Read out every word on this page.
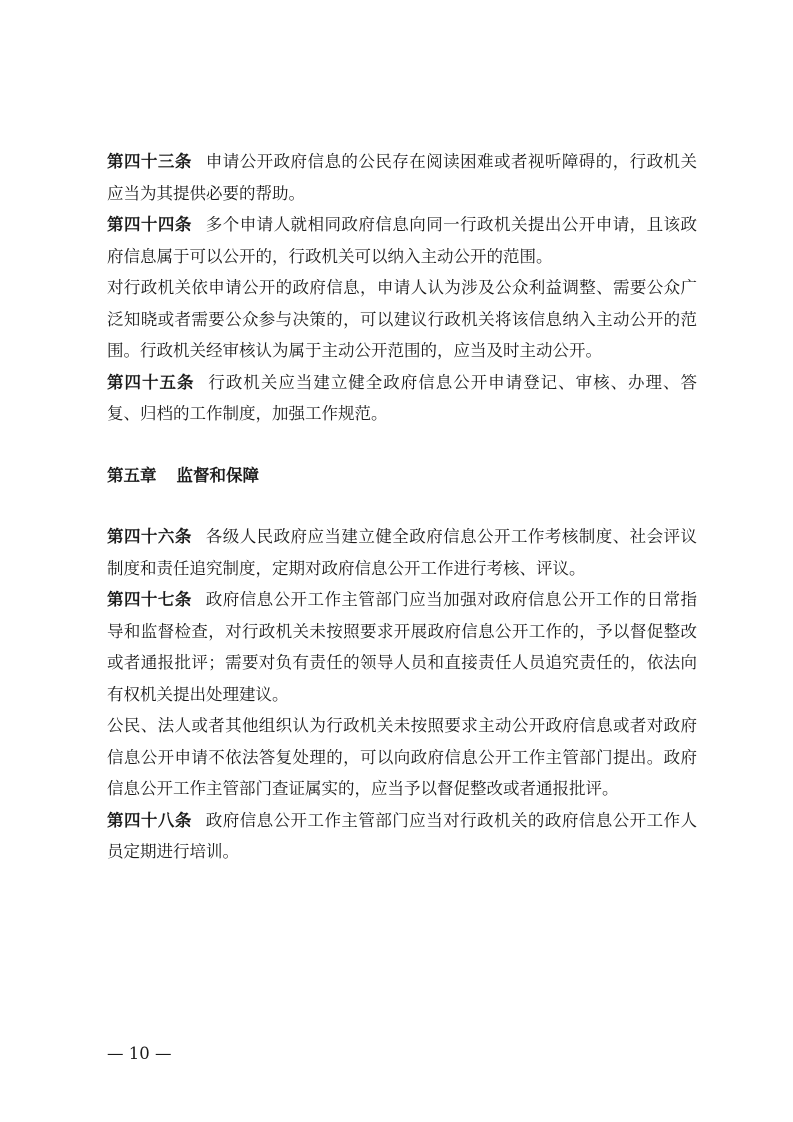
第四十三条 申请公开政府信息的公民存在阅读困难或者视听障碍的，行政机关应当为其提供必要的帮助。

第四十四条 多个申请人就相同政府信息向同一行政机关提出公开申请，且该政府信息属于可以公开的，行政机关可以纳入主动公开的范围。

对行政机关依申请公开的政府信息，申请人认为涉及公众利益调整、需要公众广泛知晓或者需要公众参与决策的，可以建议行政机关将该信息纳入主动公开的范围。行政机关经审核认为属于主动公开范围的，应当及时主动公开。

第四十五条 行政机关应当建立健全政府信息公开申请登记、审核、办理、答复、归档的工作制度，加强工作规范。

第五章 监督和保障

第四十六条 各级人民政府应当建立健全政府信息公开工作考核制度、社会评议制度和责任追究制度，定期对政府信息公开工作进行考核、评议。

第四十七条 政府信息公开工作主管部门应当加强对政府信息公开工作的日常指导和监督检查，对行政机关未按照要求开展政府信息公开工作的，予以督促整改或者通报批评；需要对负有责任的领导人员和直接责任人员追究责任的，依法向有权机关提出处理建议。

公民、法人或者其他组织认为行政机关未按照要求主动公开政府信息或者对政府信息公开申请不依法答复处理的，可以向政府信息公开工作主管部门提出。政府信息公开工作主管部门查证属实的，应当予以督促整改或者通报批评。

第四十八条 政府信息公开工作主管部门应当对行政机关的政府信息公开工作人员定期进行培训。

— 10 —
